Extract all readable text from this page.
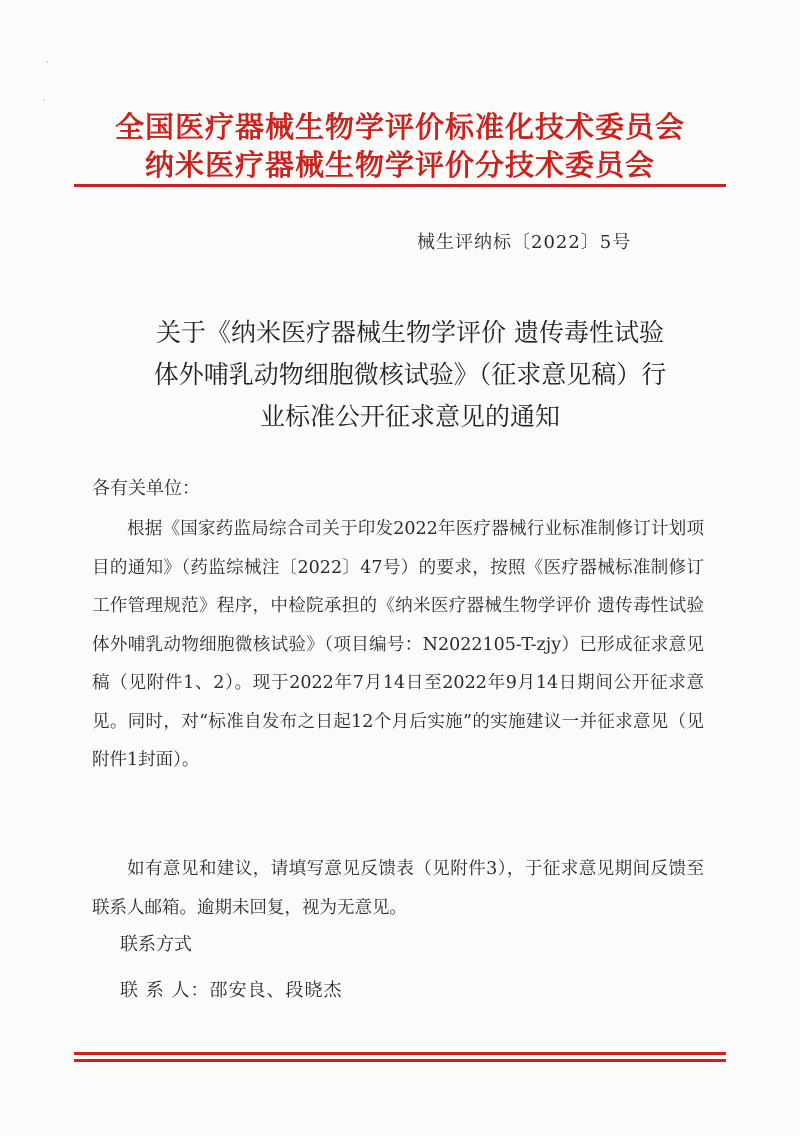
·
·
全国医疗器械生物学评价标准化技术委员会
纳米医疗器械生物学评价分技术委员会
械生评纳标〔2022〕5号
关于《纳米医疗器械生物学评价 遗传毒性试验
体外哺乳动物细胞微核试验》（征求意见稿）行
业标准公开征求意见的通知
各有关单位：
根据《国家药监局综合司关于印发2022年医疗器械行业标准制修订计划项目的通知》（药监综械注〔2022〕47号）的要求，按照《医疗器械标准制修订工作管理规范》程序，中检院承担的《纳米医疗器械生物学评价 遗传毒性试验 体外哺乳动物细胞微核试验》（项目编号：N2022105-T-zjy）已形成征求意见稿（见附件1、2）。现于2022年7月14日至2022年9月14日期间公开征求意见。同时，对“标准自发布之日起12个月后实施”的实施建议一并征求意见（见附件1封面）。
如有意见和建议，请填写意见反馈表（见附件3），于征求意见期间反馈至联系人邮箱。逾期未回复，视为无意见。
联系方式
联 系 人：邵安良、段晓杰
